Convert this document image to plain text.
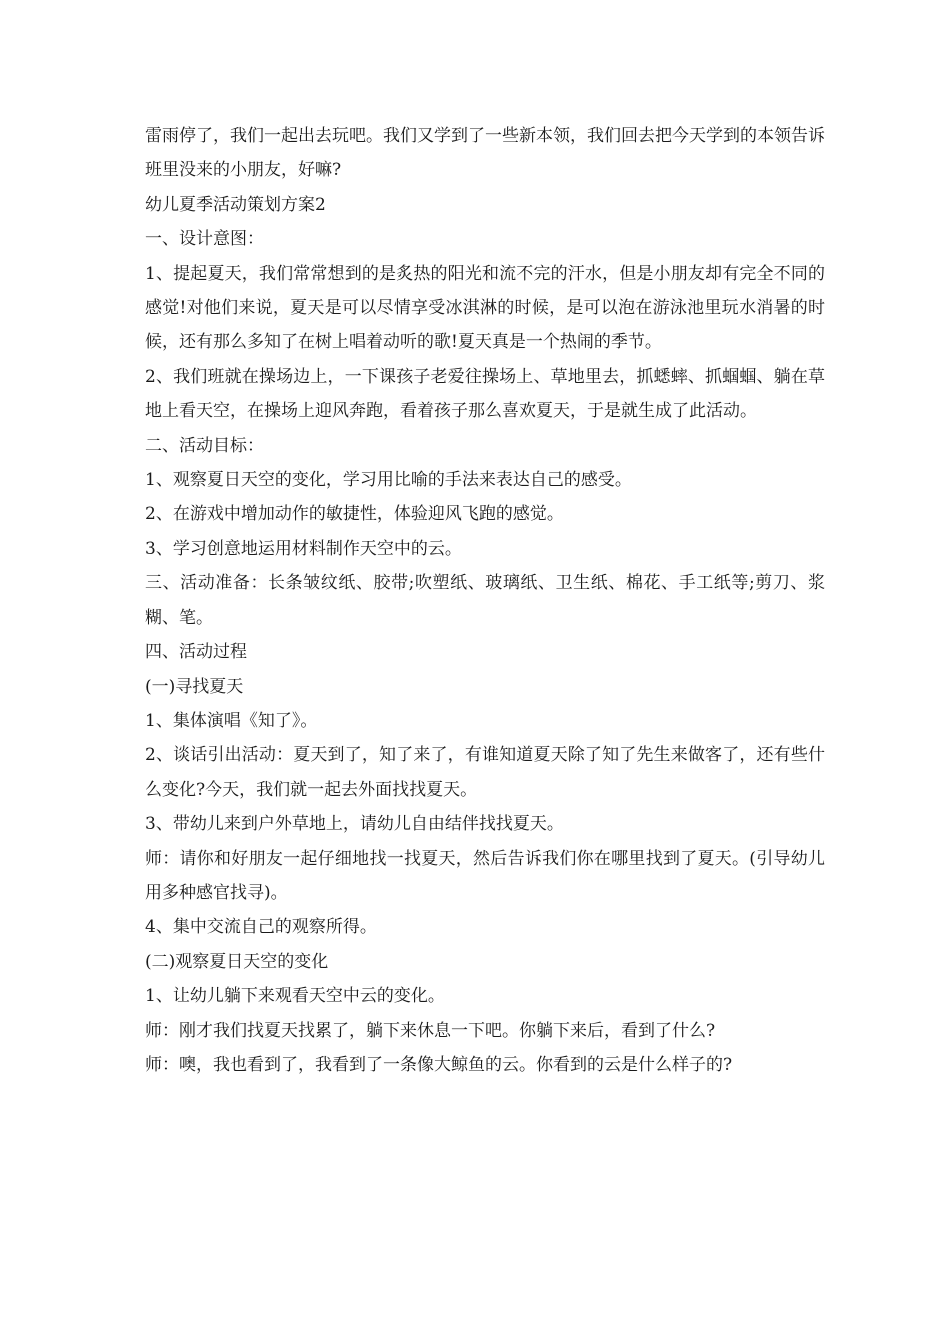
雷雨停了，我们一起出去玩吧。我们又学到了一些新本领，我们回去把今天学到的本领告诉班里没来的小朋友，好嘛?

幼儿夏季活动策划方案2

一、设计意图：

1、提起夏天，我们常常想到的是炙热的阳光和流不完的汗水，但是小朋友却有完全不同的感觉!对他们来说，夏天是可以尽情享受冰淇淋的时候，是可以泡在游泳池里玩水消暑的时候，还有那么多知了在树上唱着动听的歌!夏天真是一个热闹的季节。

2、我们班就在操场边上，一下课孩子老爱往操场上、草地里去，抓蟋蟀、抓蝈蝈、躺在草地上看天空，在操场上迎风奔跑，看着孩子那么喜欢夏天，于是就生成了此活动。

二、活动目标：

1、观察夏日天空的变化，学习用比喻的手法来表达自己的感受。

2、在游戏中增加动作的敏捷性，体验迎风飞跑的感觉。

3、学习创意地运用材料制作天空中的云。

三、活动准备：长条皱纹纸、胶带;吹塑纸、玻璃纸、卫生纸、棉花、手工纸等;剪刀、浆糊、笔。

四、活动过程

(一)寻找夏天

1、集体演唱《知了》。

2、谈话引出活动：夏天到了，知了来了，有谁知道夏天除了知了先生来做客了，还有些什么变化?今天，我们就一起去外面找找夏天。

3、带幼儿来到户外草地上，请幼儿自由结伴找找夏天。

师：请你和好朋友一起仔细地找一找夏天，然后告诉我们你在哪里找到了夏天。(引导幼儿用多种感官找寻)。

4、集中交流自己的观察所得。

(二)观察夏日天空的变化

1、让幼儿躺下来观看天空中云的变化。

师：刚才我们找夏天找累了，躺下来休息一下吧。你躺下来后，看到了什么?

师：噢，我也看到了，我看到了一条像大鲸鱼的云。你看到的云是什么样子的?
